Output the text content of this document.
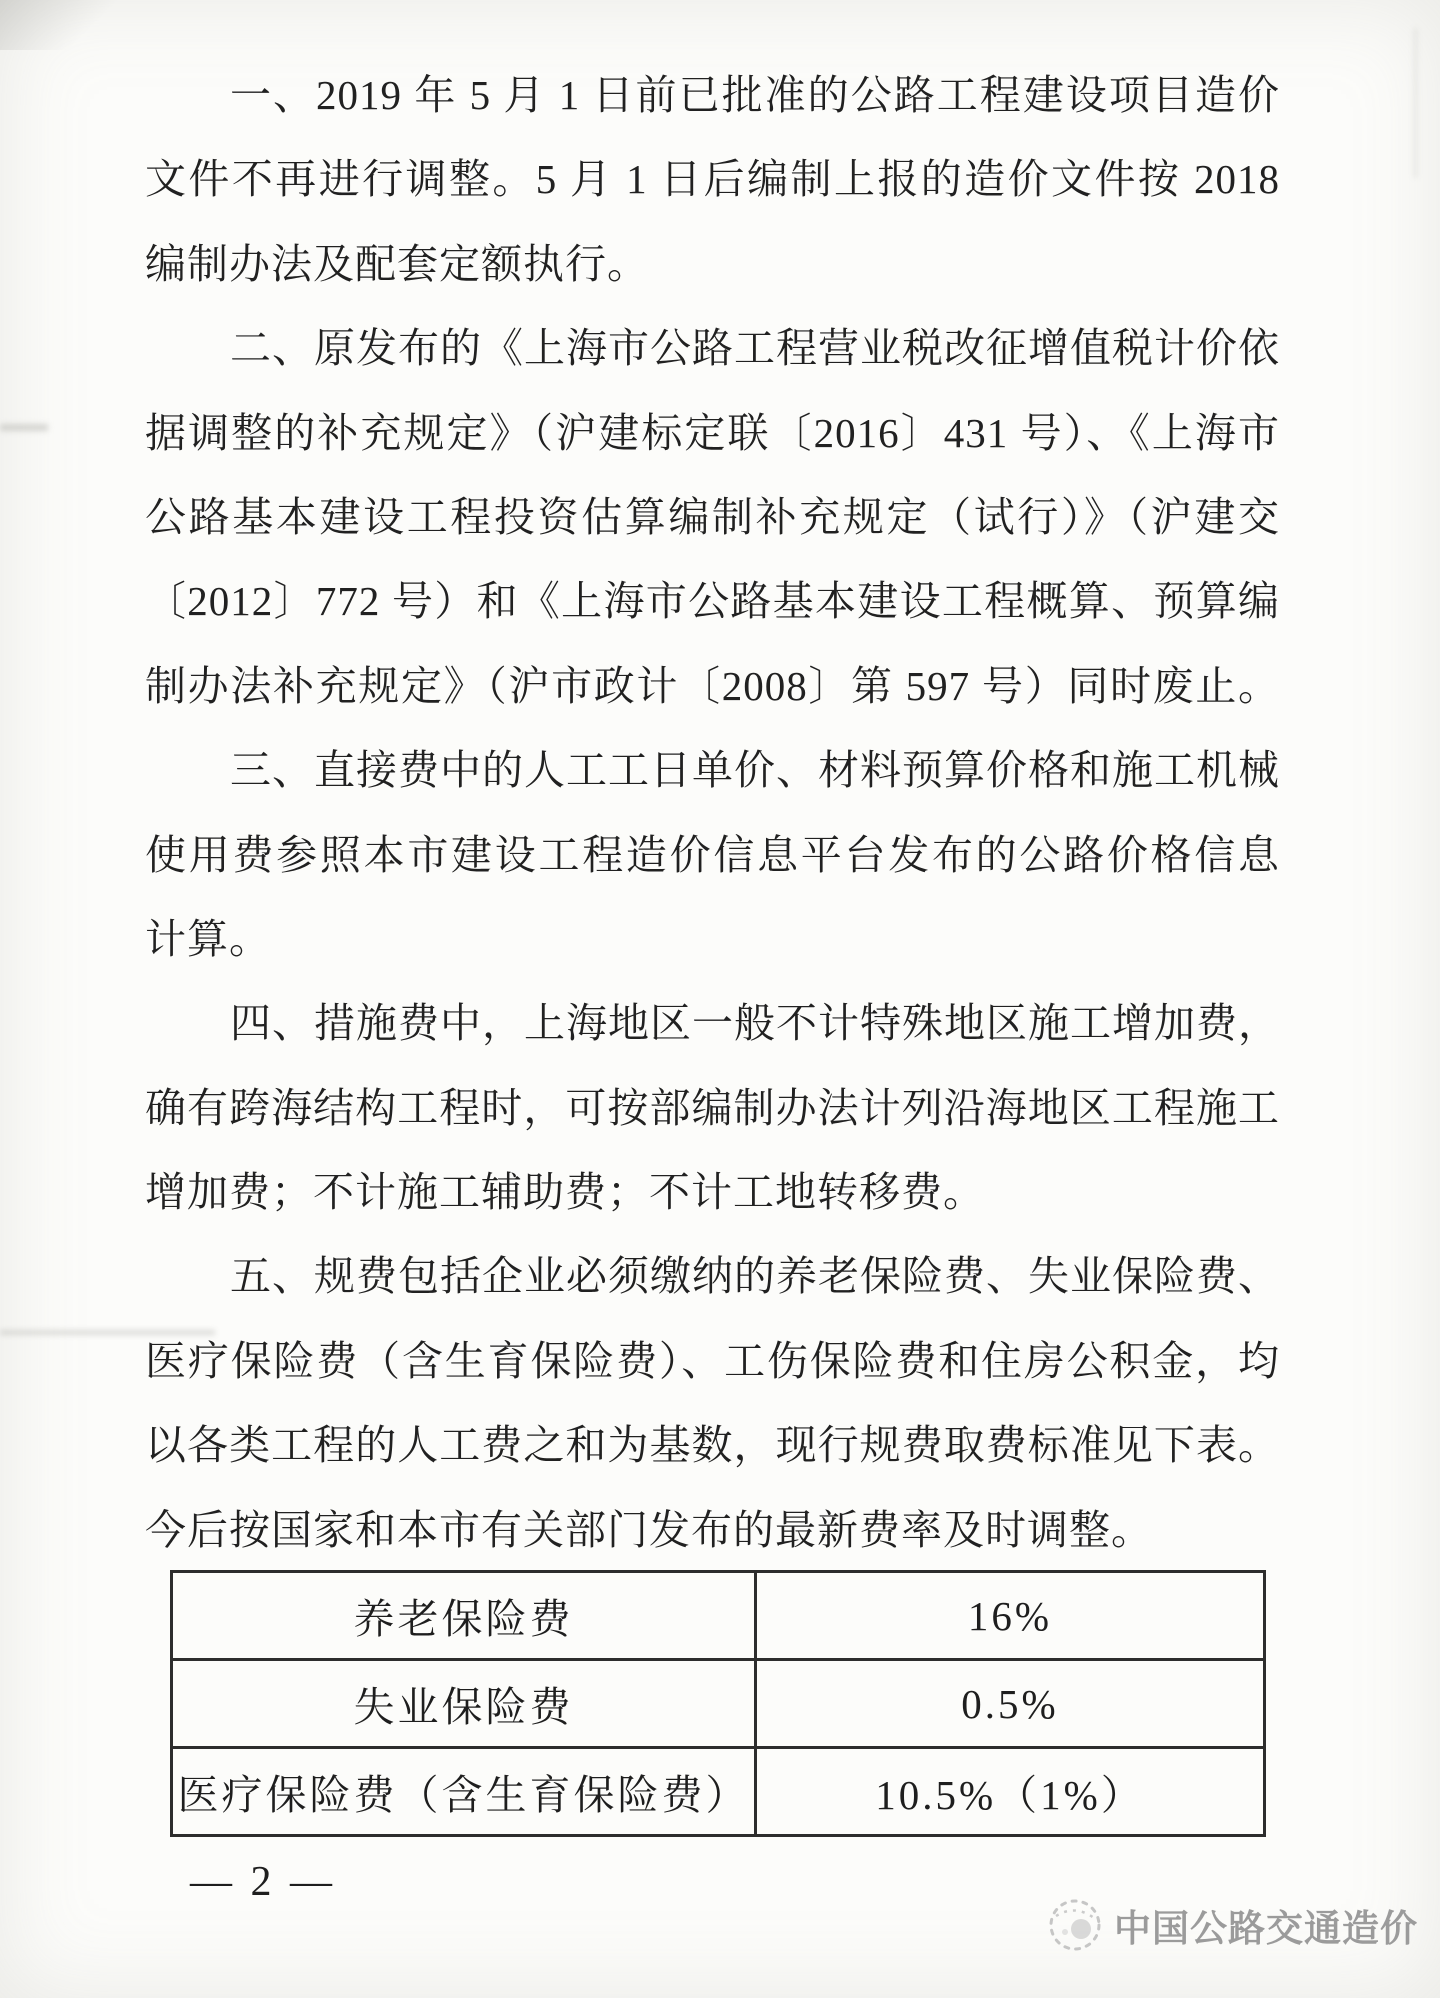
一、2019 年 5 月 1 日前已批准的公路工程建设项目造价
文件不再进行调整。5 月 1 日后编制上报的造价文件按 2018
编制办法及配套定额执行。
二、原发布的《上海市公路工程营业税改征增值税计价依
据调整的补充规定》（沪建标定联〔2016〕431 号）、《上海市
公路基本建设工程投资估算编制补充规定（试行）》（沪建交
〔2012〕772 号）和《上海市公路基本建设工程概算、预算编
制办法补充规定》（沪市政计〔2008〕第 597 号）同时废止。
三、直接费中的人工工日单价、材料预算价格和施工机械
使用费参照本市建设工程造价信息平台发布的公路价格信息
计算。
四、措施费中，上海地区一般不计特殊地区施工增加费，
确有跨海结构工程时，可按部编制办法计列沿海地区工程施工
增加费；不计施工辅助费；不计工地转移费。
五、规费包括企业必须缴纳的养老保险费、失业保险费、
医疗保险费（含生育保险费）、工伤保险费和住房公积金，均
以各类工程的人工费之和为基数，现行规费取费标准见下表。
今后按国家和本市有关部门发布的最新费率及时调整。
养老保险费	16%
失业保险费	0.5%
医疗保险费（含生育保险费）	10.5%（1%）
— 2 —
中国公路交通造价
